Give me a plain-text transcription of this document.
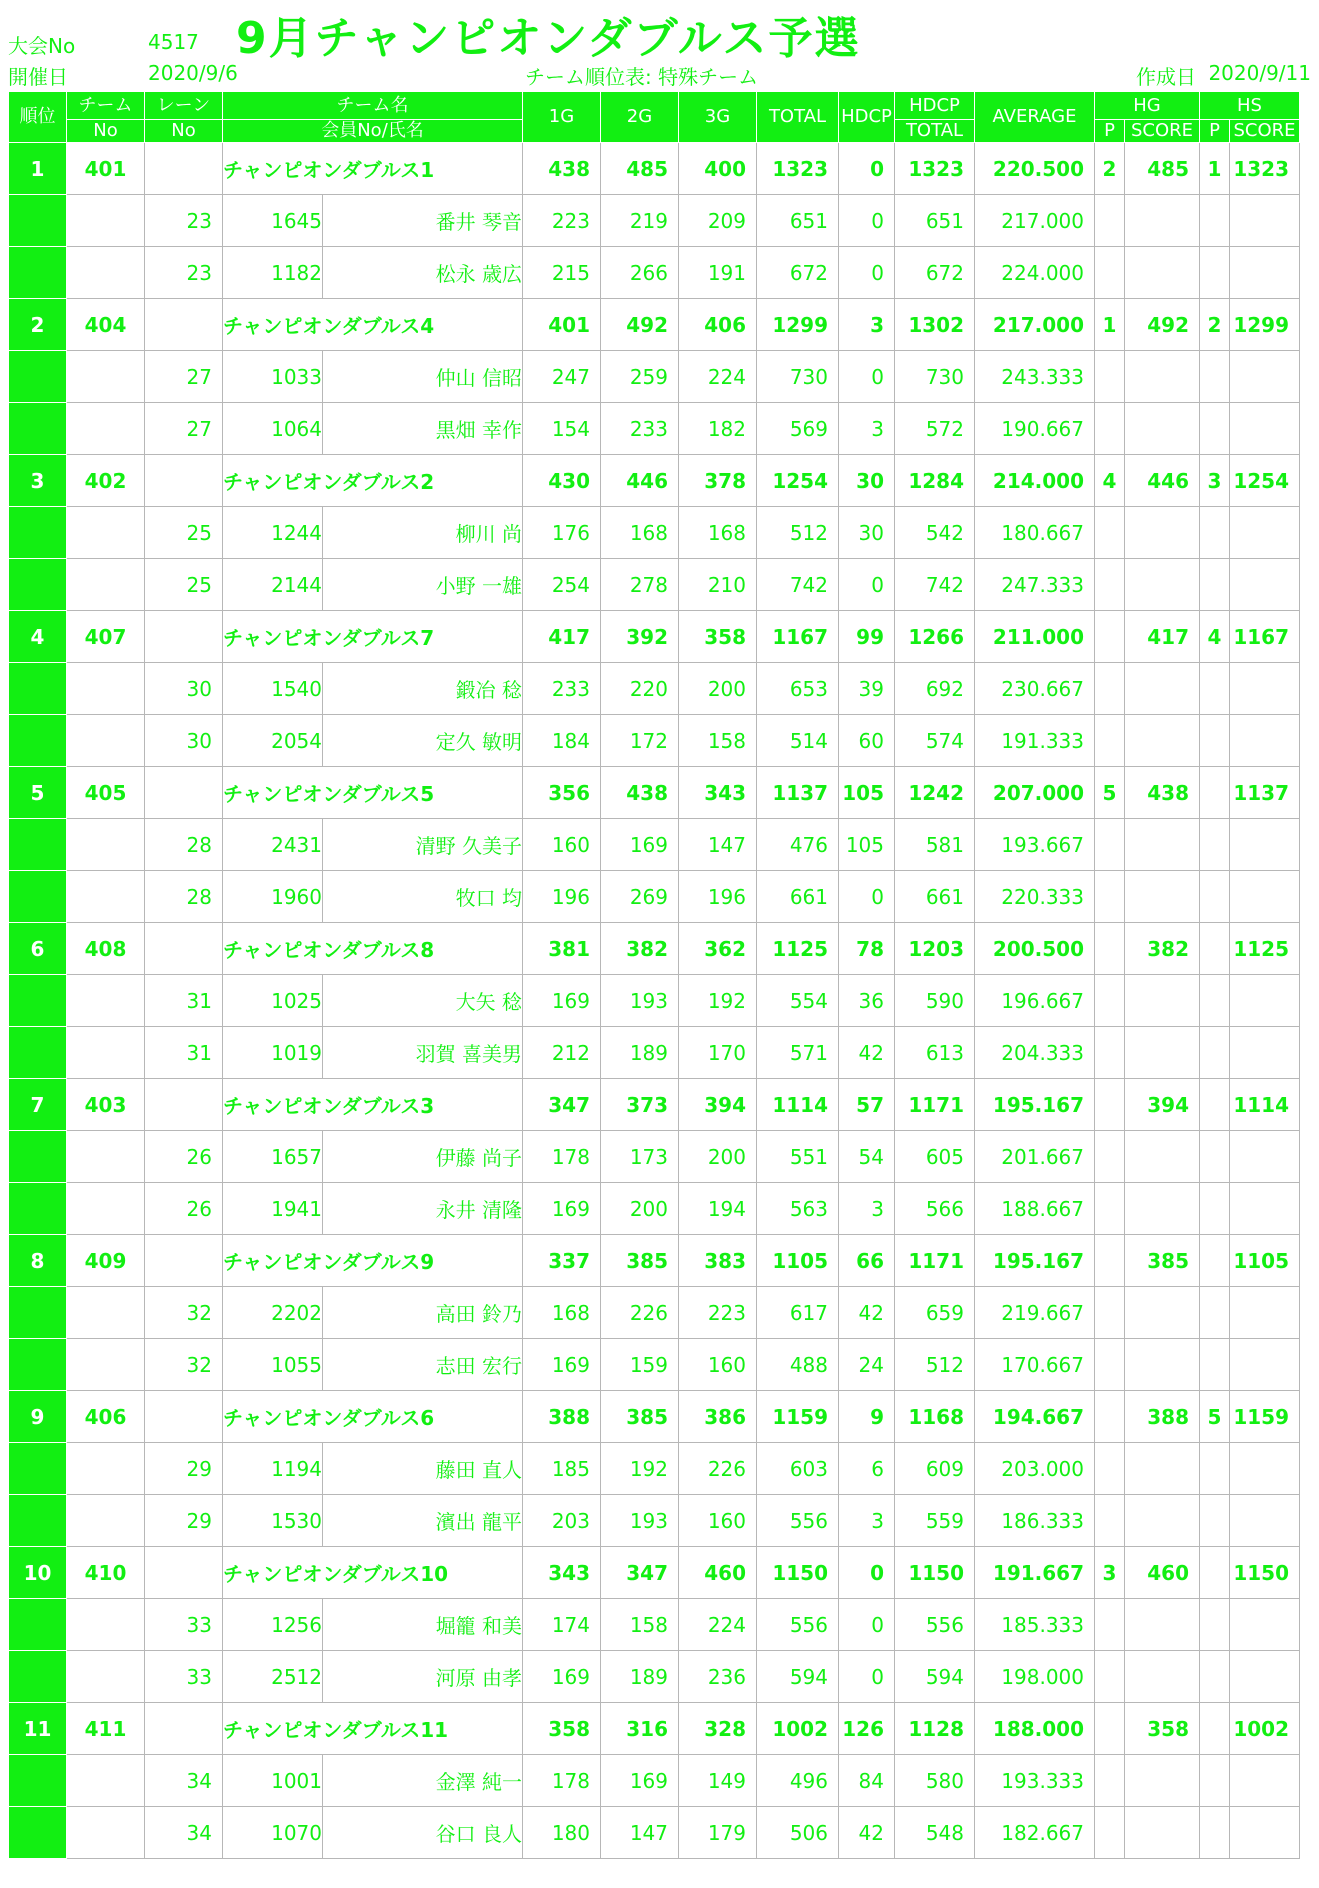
9月チャンピオンダブルス予選
大会No	4517
開催日	2020/9/6	チーム順位表: 特殊チーム	作成日 2020/9/11
順位	チーム	レーン	チーム名		1G	2G	3G	TOTAL	HDCP	HDCP	AVERAGE	HG		HS	
	No	No	会員No/氏名							TOTAL		P	SCORE	P	SCORE
1	401		チャンピオンダブルス1		438	485	400	1323	0	1323	220.500	2	485	1	1323
		23	1645	番井 琴音	223	219	209	651	0	651	217.000				
		23	1182	松永 歳広	215	266	191	672	0	672	224.000				
2	404		チャンピオンダブルス4		401	492	406	1299	3	1302	217.000	1	492	2	1299
		27	1033	仲山 信昭	247	259	224	730	0	730	243.333				
		27	1064	黒畑 幸作	154	233	182	569	3	572	190.667				
3	402		チャンピオンダブルス2		430	446	378	1254	30	1284	214.000	4	446	3	1254
		25	1244	柳川 尚	176	168	168	512	30	542	180.667				
		25	2144	小野 一雄	254	278	210	742	0	742	247.333				
4	407		チャンピオンダブルス7		417	392	358	1167	99	1266	211.000		417	4	1167
		30	1540	鍛冶 稔	233	220	200	653	39	692	230.667				
		30	2054	定久 敏明	184	172	158	514	60	574	191.333				
5	405		チャンピオンダブルス5		356	438	343	1137	105	1242	207.000	5	438		1137
		28	2431	清野 久美子	160	169	147	476	105	581	193.667				
		28	1960	牧口 均	196	269	196	661	0	661	220.333				
6	408		チャンピオンダブルス8		381	382	362	1125	78	1203	200.500		382		1125
		31	1025	大矢 稔	169	193	192	554	36	590	196.667				
		31	1019	羽賀 喜美男	212	189	170	571	42	613	204.333				
7	403		チャンピオンダブルス3		347	373	394	1114	57	1171	195.167		394		1114
		26	1657	伊藤 尚子	178	173	200	551	54	605	201.667				
		26	1941	永井 清隆	169	200	194	563	3	566	188.667				
8	409		チャンピオンダブルス9		337	385	383	1105	66	1171	195.167		385		1105
		32	2202	高田 鈴乃	168	226	223	617	42	659	219.667				
		32	1055	志田 宏行	169	159	160	488	24	512	170.667				
9	406		チャンピオンダブルス6		388	385	386	1159	9	1168	194.667		388	5	1159
		29	1194	藤田 直人	185	192	226	603	6	609	203.000				
		29	1530	濱出 龍平	203	193	160	556	3	559	186.333				
10	410		チャンピオンダブルス10		343	347	460	1150	0	1150	191.667	3	460		1150
		33	1256	堀籠 和美	174	158	224	556	0	556	185.333				
		33	2512	河原 由孝	169	189	236	594	0	594	198.000				
11	411		チャンピオンダブルス11		358	316	328	1002	126	1128	188.000		358		1002
		34	1001	金澤 純一	178	169	149	496	84	580	193.333				
		34	1070	谷口 良人	180	147	179	506	42	548	182.667				
